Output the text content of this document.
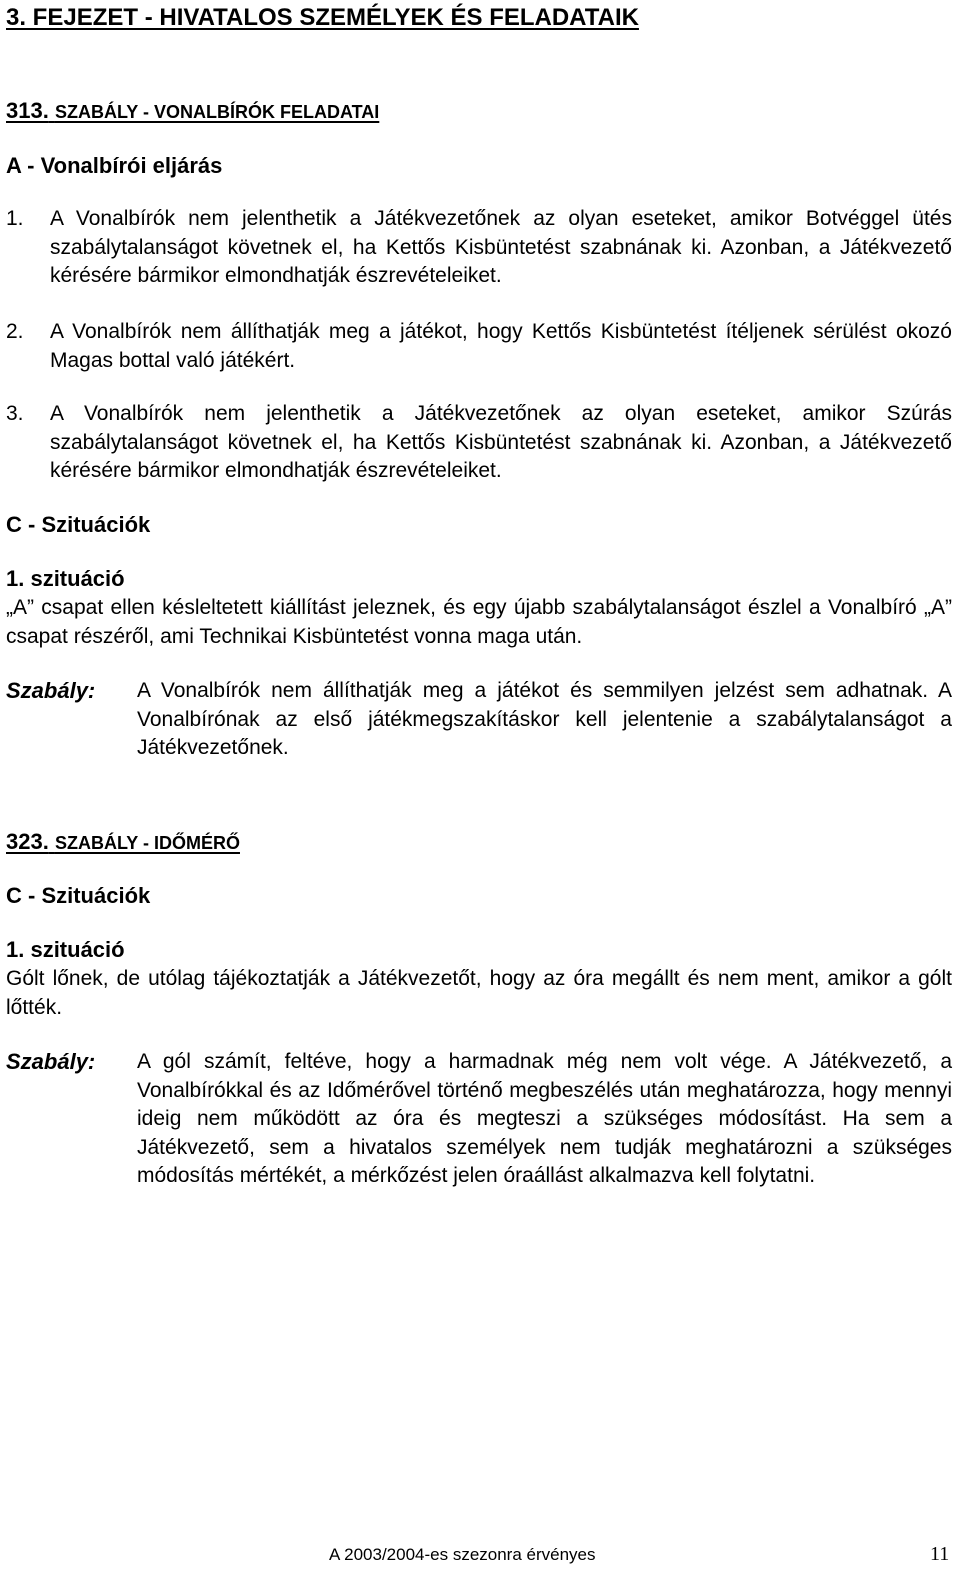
3. FEJEZET - HIVATALOS SZEMÉLYEK ÉS FELADATAIK
313. SZABÁLY - VONALBÍRÓK FELADATAI
A - Vonalbírói eljárás
1.	A Vonalbírók nem jelenthetik a Játékvezetőnek az olyan eseteket, amikor Botvéggel ütés szabálytalanságot követnek el, ha Kettős Kisbüntetést szabnának ki. Azonban, a Játékvezető kérésére bármikor elmondhatják észrevételeiket.
2.	A Vonalbírók nem állíthatják meg a játékot, hogy Kettős Kisbüntetést ítéljenek sérülést okozó Magas bottal való játékért.
3.	A Vonalbírók nem jelenthetik a Játékvezetőnek az olyan eseteket, amikor Szúrás szabálytalanságot követnek el, ha Kettős Kisbüntetést szabnának ki. Azonban, a Játékvezető kérésére bármikor elmondhatják észrevételeiket.
C - Szituációk
1. szituáció
„A” csapat ellen késleltetett kiállítást jeleznek, és egy újabb szabálytalanságot észlel a Vonalbíró „A” csapat részéről, ami Technikai Kisbüntetést vonna maga után.
Szabály: A Vonalbírók nem állíthatják meg a játékot és semmilyen jelzést sem adhatnak. A Vonalbírónak az első játékmegszakításkor kell jelentenie a szabálytalanságot a Játékvezetőnek.
323. SZABÁLY - IDŐMÉRŐ
C - Szituációk
1. szituáció
Gólt lőnek, de utólag tájékoztatják a Játékvezetőt, hogy az óra megállt és nem ment, amikor a gólt lőtték.
Szabály: A gól számít, feltéve, hogy a harmadnak még nem volt vége. A Játékvezető, a Vonalbírókkal és az Időmérővel történő megbeszélés után meghatározza, hogy mennyi ideig nem működött az óra és megteszi a szükséges módosítást. Ha sem a Játékvezető, sem a hivatalos személyek nem tudják meghatározni a szükséges módosítás mértékét, a mérkőzést jelen óraállást alkalmazva kell folytatni.
A 2003/2004-es szezonra érvényes	11
